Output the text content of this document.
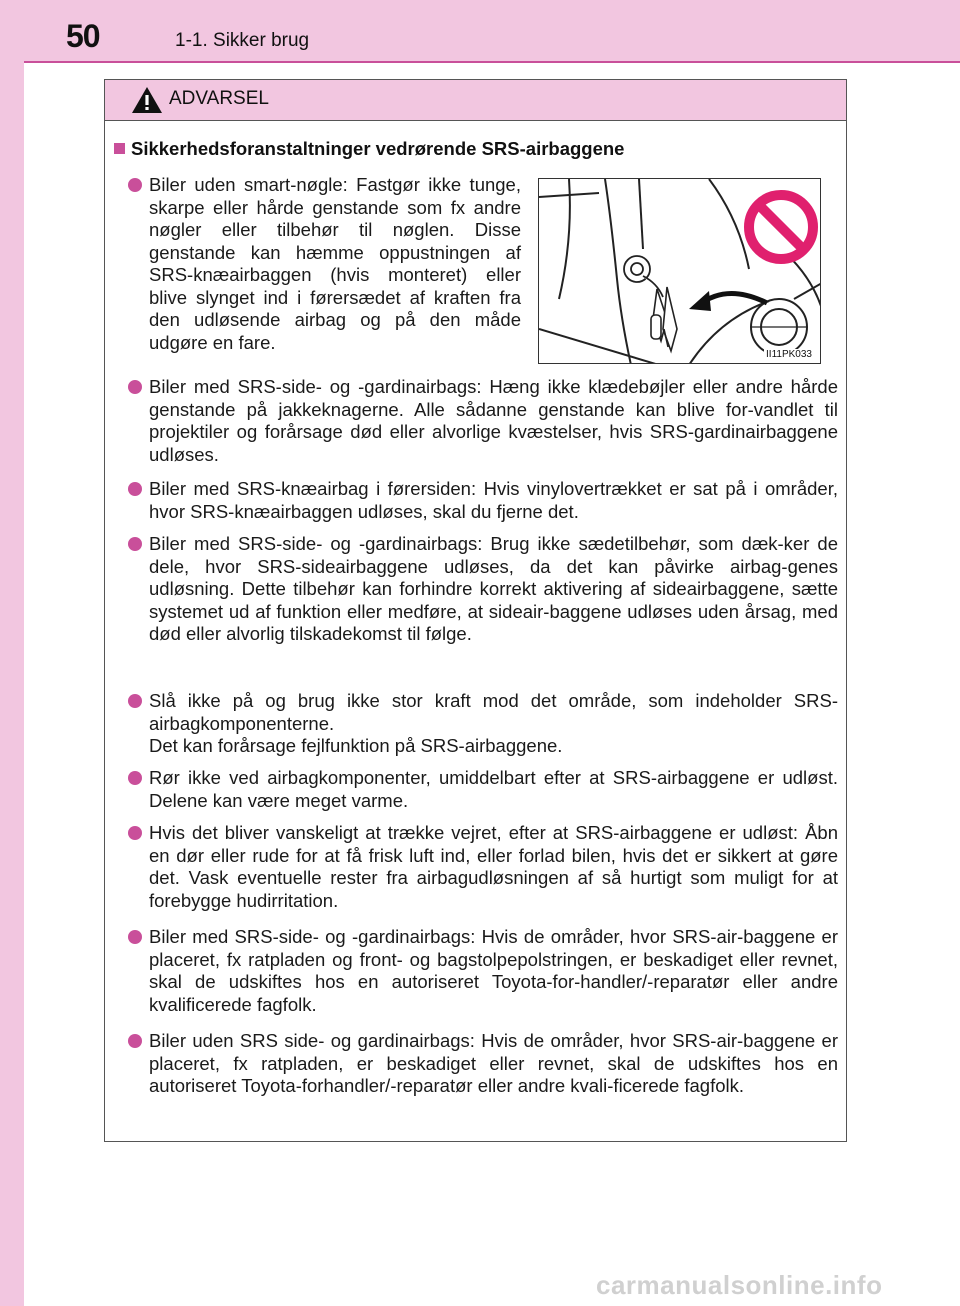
50	1-1. Sikker brug
ADVARSEL
Sikkerhedsforanstaltninger vedrørende SRS-airbaggene
Biler uden smart-nøgle: Fastgør ikke tunge, skarpe eller hårde genstande som fx andre nøgler eller tilbehør til nøglen. Disse genstande kan hæmme oppustningen af SRS-knæairbaggen (hvis monteret) eller blive slynget ind i førersædet af kraften fra den udløsende airbag og på den måde udgøre en fare.
II11PK033
Biler med SRS-side- og -gardinairbags: Hæng ikke klædebøjler eller andre hårde genstande på jakkeknagerne. Alle sådanne genstande kan blive for-vandlet til projektiler og forårsage død eller alvorlige kvæstelser, hvis SRS-gardinairbaggene udløses.
Biler med SRS-knæairbag i førersiden: Hvis vinylovertrækket er sat på i områder, hvor SRS-knæairbaggen udløses, skal du fjerne det.
Biler med SRS-side- og -gardinairbags: Brug ikke sædetilbehør, som dæk-ker de dele, hvor SRS-sideairbaggene udløses, da det kan påvirke airbag-genes udløsning. Dette tilbehør kan forhindre korrekt aktivering af sideairbaggene, sætte systemet ud af funktion eller medføre, at sideair-baggene udløses uden årsag, med død eller alvorlig tilskadekomst til følge.
Slå ikke på og brug ikke stor kraft mod det område, som indeholder SRS-airbagkomponenterne.
Det kan forårsage fejlfunktion på SRS-airbaggene.
Rør ikke ved airbagkomponenter, umiddelbart efter at SRS-airbaggene er udløst. Delene kan være meget varme.
Hvis det bliver vanskeligt at trække vejret, efter at SRS-airbaggene er udløst: Åbn en dør eller rude for at få frisk luft ind, eller forlad bilen, hvis det er sikkert at gøre det. Vask eventuelle rester fra airbagudløsningen af så hurtigt som muligt for at forebygge hudirritation.
Biler med SRS-side- og -gardinairbags: Hvis de områder, hvor SRS-air-baggene er placeret, fx ratpladen og front- og bagstolpepolstringen, er beskadiget eller revnet, skal de udskiftes hos en autoriseret Toyota-for-handler/-reparatør eller andre kvalificerede fagfolk.
Biler uden SRS side- og gardinairbags: Hvis de områder, hvor SRS-air-baggene er placeret, fx ratpladen, er beskadiget eller revnet, skal de udskiftes hos en autoriseret Toyota-forhandler/-reparatør eller andre kvali-ficerede fagfolk.
carmanualsonline.info
